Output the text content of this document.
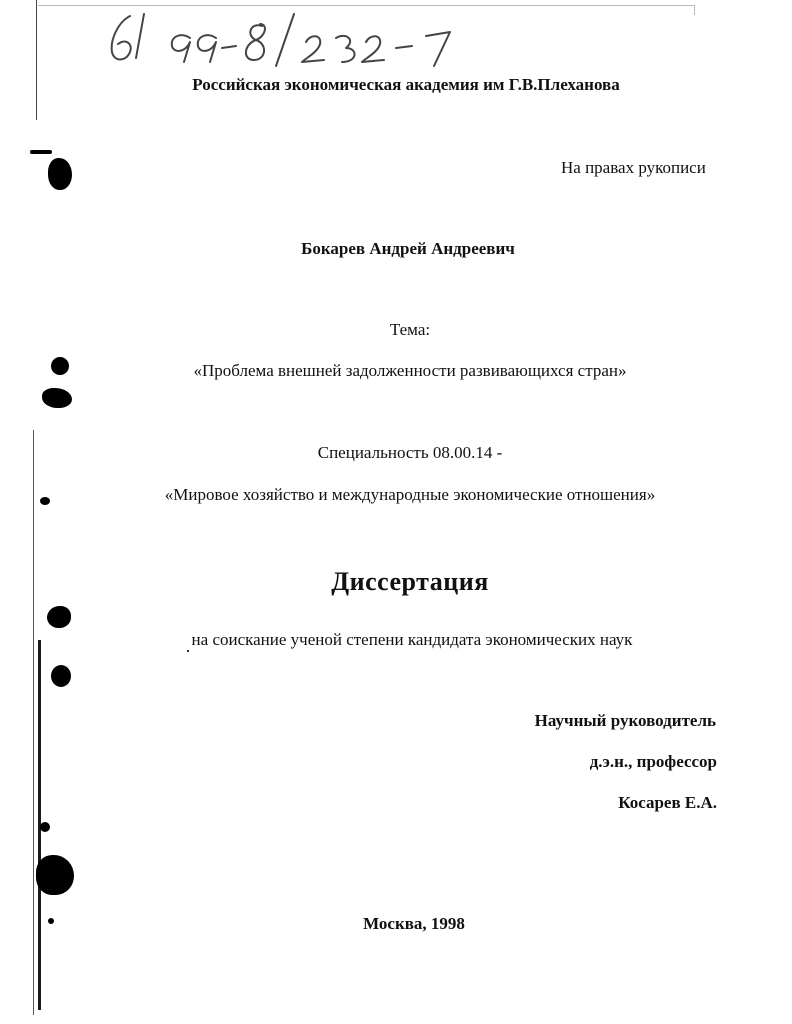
Российская экономическая академия им Г.В.Плеханова
На правах рукописи
Бокарев Андрей Андреевич
Тема:
«Проблема внешней задолженности развивающихся стран»
Специальность 08.00.14 -
«Мировое хозяйство и международные экономические отношения»
Диссертация
на соискание ученой степени кандидата экономических наук
Научный руководитель
д.э.н., профессор
Косарев Е.А.
Москва, 1998
